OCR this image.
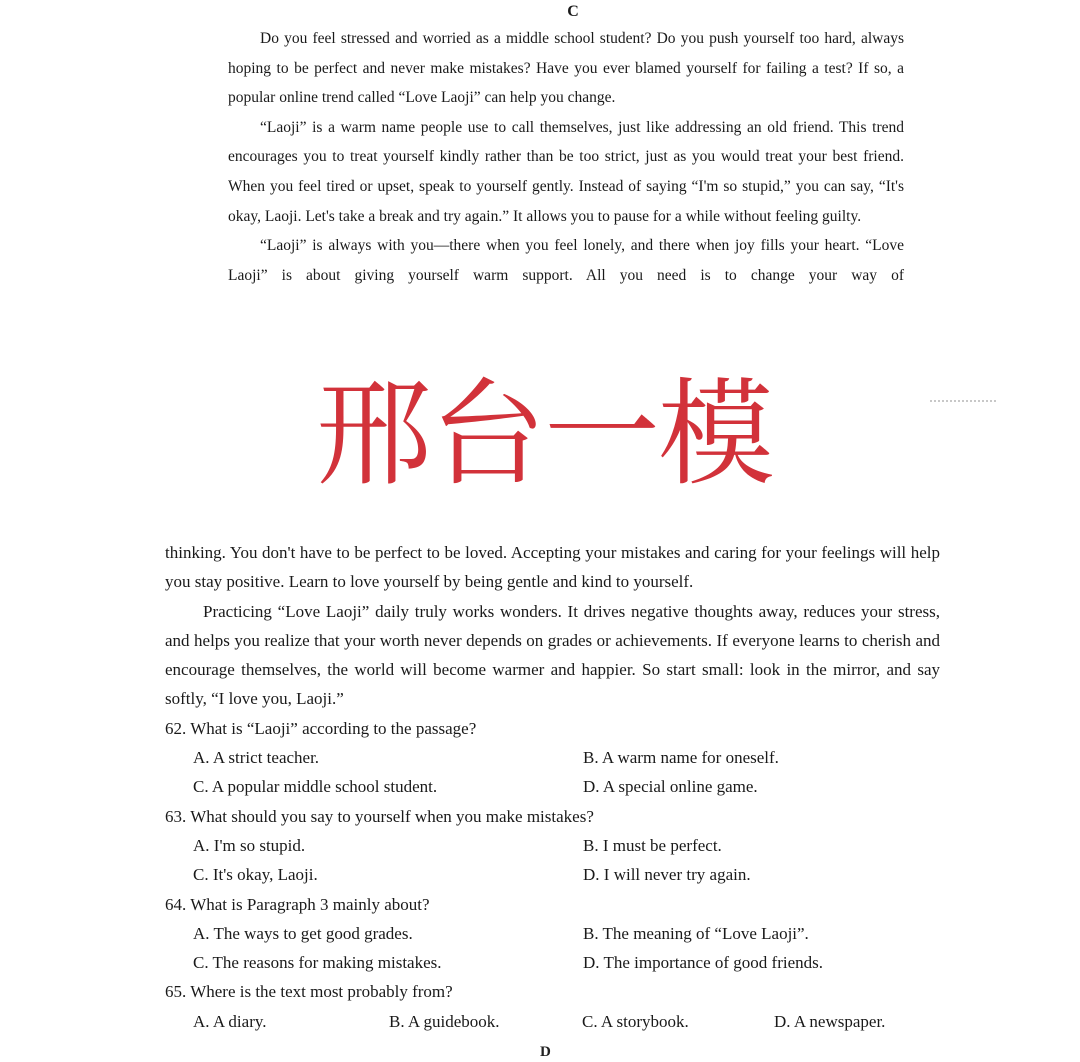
C

Do you feel stressed and worried as a middle school student? Do you push yourself too hard, always hoping to be perfect and never make mistakes? Have you ever blamed yourself for failing a test? If so, a popular online trend called “Love Laoji” can help you change.

“Laoji” is a warm name people use to call themselves, just like addressing an old friend. This trend encourages you to treat yourself kindly rather than be too strict, just as you would treat your best friend. When you feel tired or upset, speak to yourself gently. Instead of saying “I'm so stupid,” you can say, “It's okay, Laoji. Let's take a break and try again.” It allows you to pause for a while without feeling guilty.

“Laoji” is always with you—there when you feel lonely, and there when joy fills your heart. “Love Laoji” is about giving yourself warm support. All you need is to change your way of

邢台一模

thinking. You don't have to be perfect to be loved. Accepting your mistakes and caring for your feelings will help you stay positive. Learn to love yourself by being gentle and kind to yourself.

Practicing “Love Laoji” daily truly works wonders. It drives negative thoughts away, reduces your stress, and helps you realize that your worth never depends on grades or achievements. If everyone learns to cherish and encourage themselves, the world will become warmer and happier. So start small: look in the mirror, and say softly, “I love you, Laoji.”

62. What is “Laoji” according to the passage?

A. A strict teacher.	B. A warm name for oneself.
C. A popular middle school student.	D. A special online game.

63. What should you say to yourself when you make mistakes?

A. I'm so stupid.	B. I must be perfect.
C. It's okay, Laoji.	D. I will never try again.

64. What is Paragraph 3 mainly about?

A. The ways to get good grades.	B. The meaning of “Love Laoji”.
C. The reasons for making mistakes.	D. The importance of good friends.

65. Where is the text most probably from?

A. A diary.	B. A guidebook.	C. A storybook.	D. A newspaper.
D
